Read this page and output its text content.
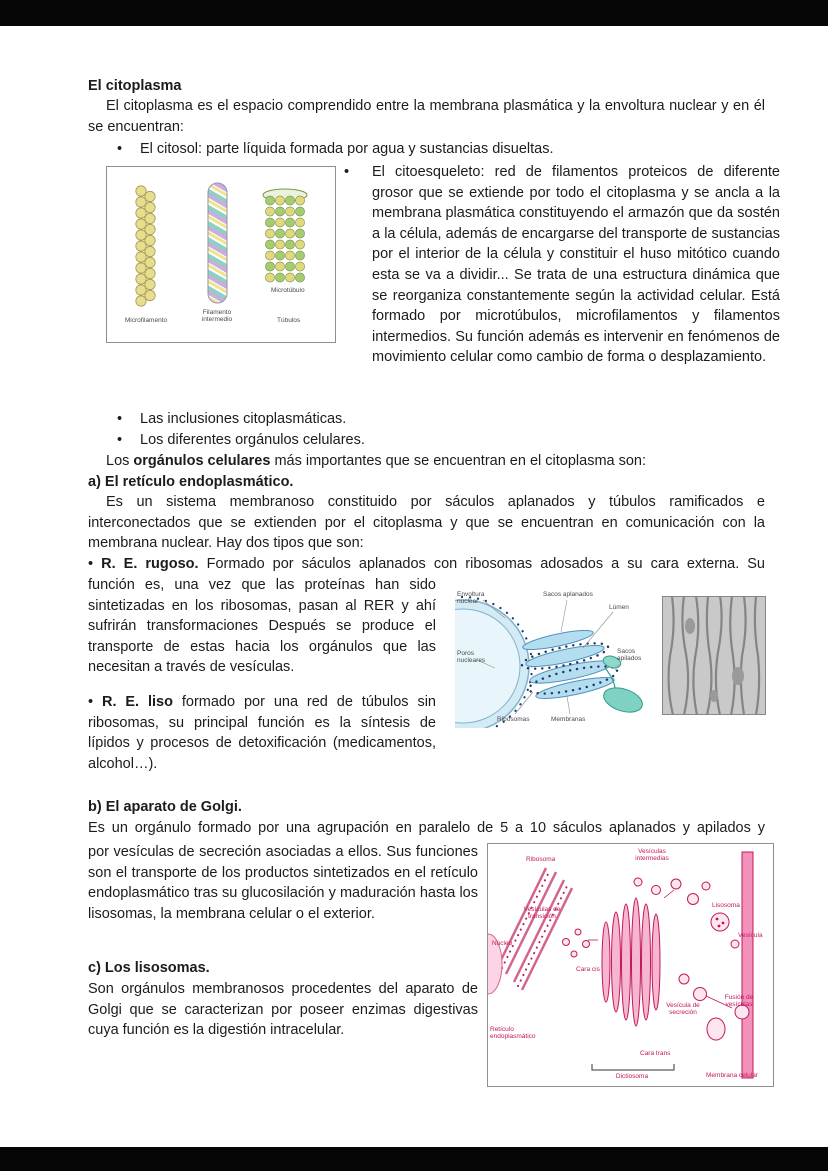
El citoplasma
El citoplasma es el espacio comprendido entre la membrana plasmática y la envoltura nuclear y en él se encuentran:
• El citosol: parte líquida formada por agua y sustancias disueltas.
Microfilamento
Filamento intermedio
Microtúbulo
Túbulos
• El citoesqueleto: red de filamentos proteicos de diferente grosor que se extiende por todo el citoplasma y se ancla a la membrana plasmática constituyendo el armazón que da sostén a la célula, además de encargarse del transporte de sustancias por el interior de la célula y constituir el huso mitótico cuando esta se va a dividir... Se trata de una estructura dinámica que se reorganiza constantemente según la actividad celular. Está formado por microtúbulos, microfilamentos y filamentos intermedios. Su función además es intervenir en fenómenos de movimiento celular como cambio de forma o desplazamiento.
• Las inclusiones citoplasmáticas.
• Los diferentes orgánulos celulares.
Los orgánulos celulares más importantes que se encuentran en el citoplasma son:
a) El retículo endoplasmático.
Es un sistema membranoso constituido por sáculos aplanados y túbulos ramificados e interconectados que se extienden por el citoplasma y que se encuentran en comunicación con la membrana nuclear. Hay dos tipos que son:
• R. E. rugoso. Formado por sáculos aplanados con ribosomas adosados a su cara externa. Su
función es, una vez que las proteínas han sido sintetizadas en los ribosomas, pasan al RER y ahí sufrirán transformaciones Después se produce el transporte de estas hacia los orgánulos que las necesitan a través de vesículas.
• R. E. liso formado por una red de túbulos sin ribosomas, su principal función es la síntesis de lípidos y procesos de detoxificación (medicamentos, alcohol…).
Envoltura nuclear
Sacos aplanados
Lúmen
Poros nucleares
Ribosomas	Membranas
Sacos apilados
b) El aparato de Golgi.
Es un orgánulo formado por una agrupación en paralelo de 5 a 10 sáculos aplanados y apilados y
por vesículas de secreción asociadas a ellos. Sus funciones son el transporte de los productos sintetizados en el retículo endoplasmático tras su glucosilación y maduración hasta los lisosomas, la membrana celular o el exterior.
c) Los lisosomas.
Son orgánulos membranosos procedentes del aparato de Golgi que se caracterizan por poseer enzimas digestivas cuya función es la digestión intracelular.
Ribosoma
Vesículas intermedias
Lisosoma
Vesículas de transición
Núcleo
Cara cis
Vesícula
Vesícula de secreción
Fusión de vesículas
Retículo endoplasmático
Cara trans
Membrana celular
Dictiosoma
